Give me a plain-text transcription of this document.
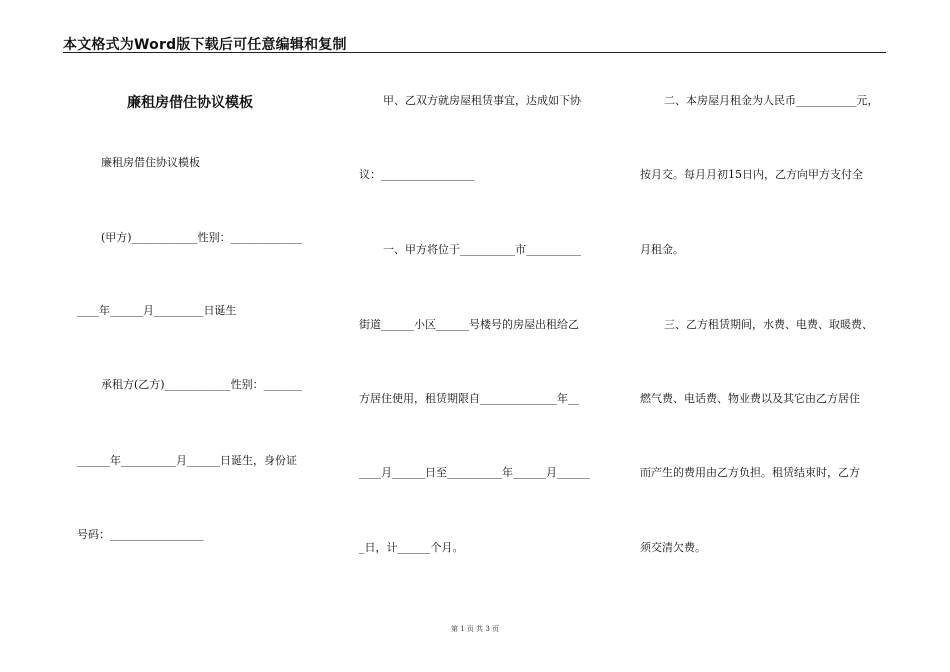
本文格式为Word版下载后可任意编辑和复制
廉租房借住协议模板
廉租房借住协议模板
(甲方)____________性别：_____________
____年______月_________日诞生
承租方(乙方)____________性别：_______
______年__________月______日诞生，身份证
号码：_________________
甲、乙双方就房屋租赁事宜，达成如下协
议：_________________
一、甲方将位于__________市__________
街道______小区______号楼号的房屋出租给乙
方居住使用，租赁期限自______________年__
____月______日至__________年______月______
_日，计______个月。
二、本房屋月租金为人民币___________元，
按月交。每月月初15日内，乙方向甲方支付全
月租金。
三、乙方租赁期间，水费、电费、取暖费、
燃气费、电话费、物业费以及其它由乙方居住
而产生的费用由乙方负担。租赁结束时，乙方
须交清欠费。
第 1 页 共 3 页
